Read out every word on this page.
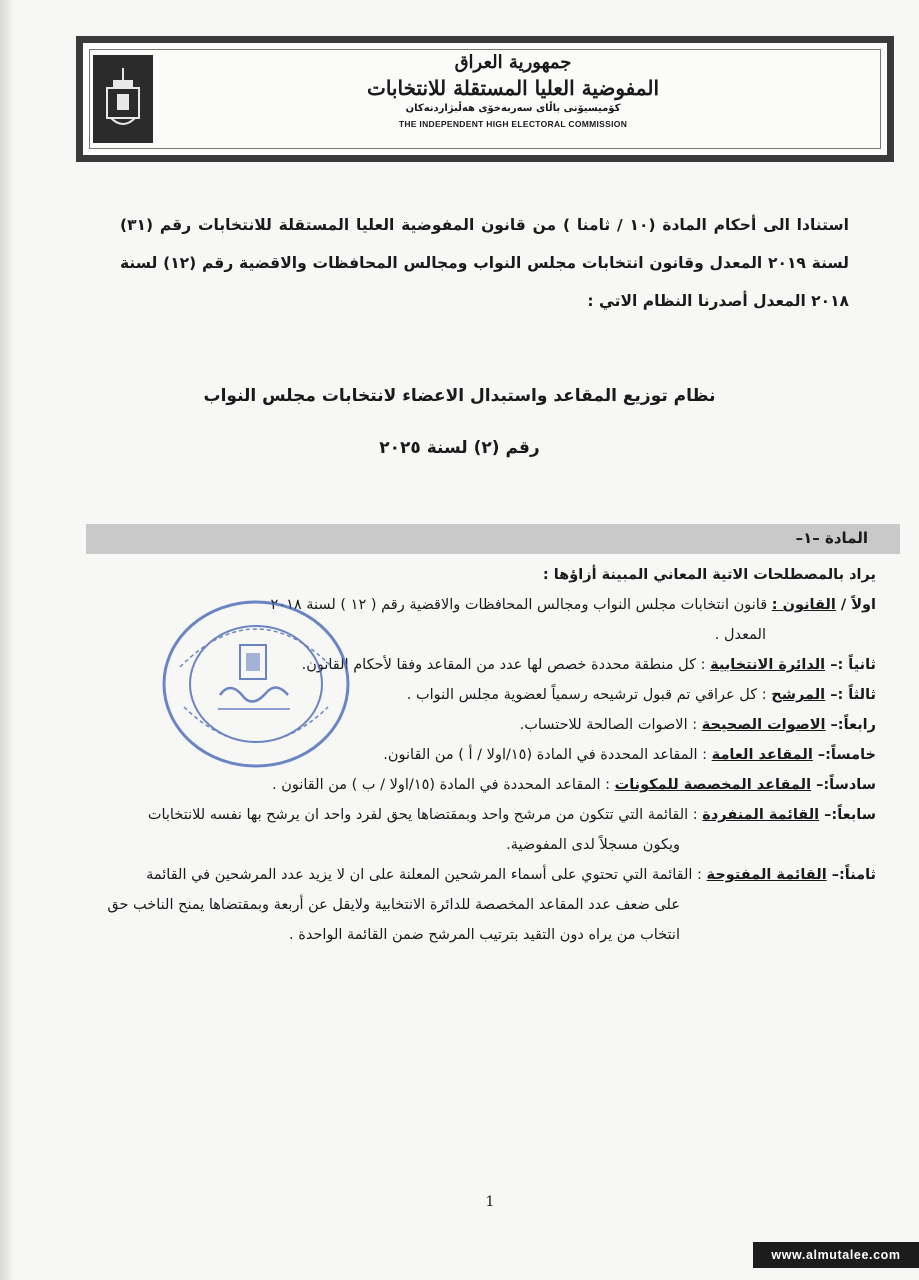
جمهورية العراق
المفوضية العليا المستقلة للانتخابات
كۆمیسیۆنی باڵای سەربەخۆی هەڵبژاردنەکان
THE INDEPENDENT HIGH ELECTORAL COMMISSION
استنادا الى أحكام المادة (١٠ / ثامنا ) من قانون المفوضية العليا المستقلة للانتخابات رقم (٣١) لسنة ٢٠١٩ المعدل وقانون انتخابات مجلس النواب ومجالس المحافظات والاقضية رقم (١٢) لسنة ٢٠١٨ المعدل أصدرنا النظام الاتي :
نظام توزيع المقاعد واستبدال الاعضاء لانتخابات مجلس النواب
رقم (٢) لسنة ٢٠٢٥
المادة –١–
يراد بالمصطلحات الاتية المعاني المبينة أزاؤها :
اولاً / القانون : قانون انتخابات مجلس النواب ومجالس المحافظات والاقضية رقم ( ١٢ ) لسنة ٢٠١٨
المعدل .
ثانياً :– الدائرة الانتخابية : كل منطقة محددة خصص لها عدد من المقاعد وفقا لأحكام القانون.
ثالثاً :– المرشح : كل عراقي تم قبول ترشيحه رسمياً لعضوية مجلس النواب .
رابعاً:– الاصوات الصحيحة : الاصوات الصالحة للاحتساب.
خامساً:– المقاعد العامة : المقاعد المحددة في المادة (١٥/اولا / أ ) من القانون.
سادساً:– المقاعد المخصصة للمكونات : المقاعد المحددة في المادة (١٥/اولا / ب ) من القانون .
سابعاً:– القائمة المنفردة : القائمة التي تتكون من مرشح واحد وبمقتضاها يحق لفرد واحد ان يرشح بها نفسه للانتخابات
ويكون مسجلاً لدى المفوضية.
ثامناً:– القائمة المفتوحة : القائمة التي تحتوي على أسماء المرشحين المعلنة على ان لا يزيد عدد المرشحين في القائمة
على ضعف عدد المقاعد المخصصة للدائرة الانتخابية ولايقل عن أربعة وبمقتضاها يمنح الناخب حق انتخاب من يراه دون التقيد بترتيب المرشح ضمن القائمة الواحدة .
1
www.almutalee.com
